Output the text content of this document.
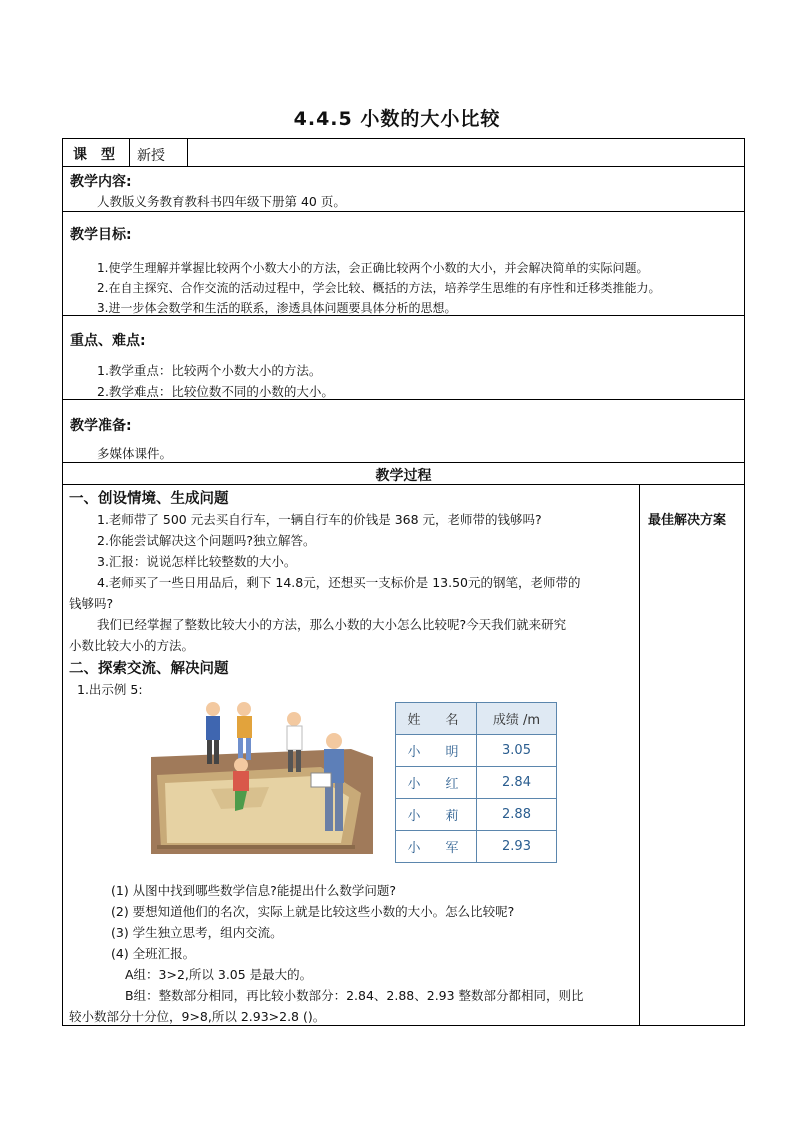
4.4.5 小数的大小比较
课　型 新授
教学内容:
人教版义务教育教科书四年级下册第 40 页。
教学目标:
1.使学生理解并掌握比较两个小数大小的方法，会正确比较两个小数的大小，并会解决简单的实际问题。
2.在自主探究、合作交流的活动过程中，学会比较、概括的方法，培养学生思维的有序性和迁移类推能力。
3.进一步体会数学和生活的联系，渗透具体问题要具体分析的思想。
重点、难点:
1.教学重点：比较两个小数大小的方法。
2.教学难点：比较位数不同的小数的大小。
教学准备:
多媒体课件。
教学过程
最佳解决方案
一、创设情境、生成问题
1.老师带了 500 元去买自行车，一辆自行车的价钱是 368 元，老师带的钱够吗?
2.你能尝试解决这个问题吗?独立解答。
3.汇报：说说怎样比较整数的大小。
4.老师买了一些日用品后，剩下 14.8元，还想买一支标价是 13.50元的钢笔，老师带的
钱够吗?
我们已经掌握了整数比较大小的方法，那么小数的大小怎么比较呢?今天我们就来研究
小数比较大小的方法。
二、探索交流、解决问题
1.出示例 5:
姓　名	成绩 /m
小　明	3.05
小　红	2.84
小　莉	2.88
小　军	2.93
(1) 从图中找到哪些数学信息?能提出什么数学问题?
(2) 要想知道他们的名次，实际上就是比较这些小数的大小。怎么比较呢?
(3) 学生独立思考，组内交流。
(4) 全班汇报。
A组：3>2,所以 3.05 是最大的。
B组：整数部分相同，再比较小数部分：2.84、2.88、2.93 整数部分都相同，则比
较小数部分十分位，9>8,所以 2.93>2.8 ()。
